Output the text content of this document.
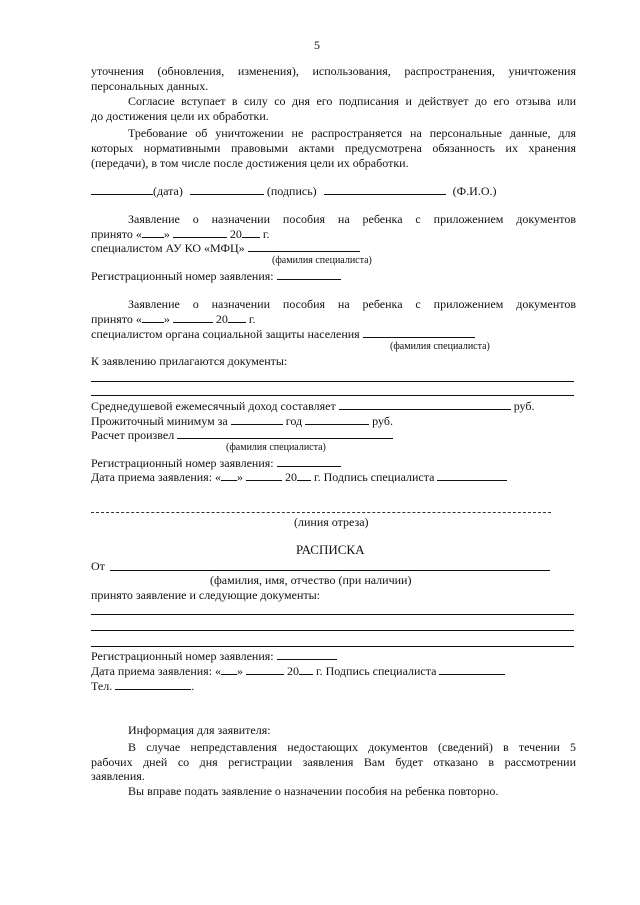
5
уточнения (обновления, изменения), использования, распространения, уничтожения
персональных данных.
Согласие вступает в силу со дня его подписания и действует до его отзыва или
до достижения цели их обработки.
Требование об уничтожении не распространяется на персональные данные, для
которых нормативными правовыми актами предусмотрена обязанность их хранения
(передачи), в том числе после достижения цели их обработки.
(дата)	(подпись)	(Ф.И.О.)
Заявление о назначении пособия на ребенка с приложением документов
принято « »	20 г.
специалистом АУ КО «МФЦ»
(фамилия специалиста)
Регистрационный номер заявления:
Заявление о назначении пособия на ребенка с приложением документов
принято « »	20 г.
специалистом органа социальной защиты населения
(фамилия специалиста)
К заявлению прилагаются документы:
Среднедушевой ежемесячный доход составляет	руб.
Прожиточный минимум за	год	руб.
Расчет произвел
(фамилия специалиста)
Регистрационный номер заявления:
Дата приема заявления: « »	20 г. Подпись специалиста
(линия отреза)
РАСПИСКА
От
(фамилия, имя, отчество (при наличии)
принято заявление и следующие документы:
Регистрационный номер заявления:
Дата приема заявления: « »	20 г. Подпись специалиста
Тел.	.
Информация для заявителя:
В случае непредставления недостающих документов (сведений) в течении 5
рабочих дней со дня регистрации заявления Вам будет отказано в рассмотрении
заявления.
Вы вправе подать заявление о назначении пособия на ребенка повторно.
